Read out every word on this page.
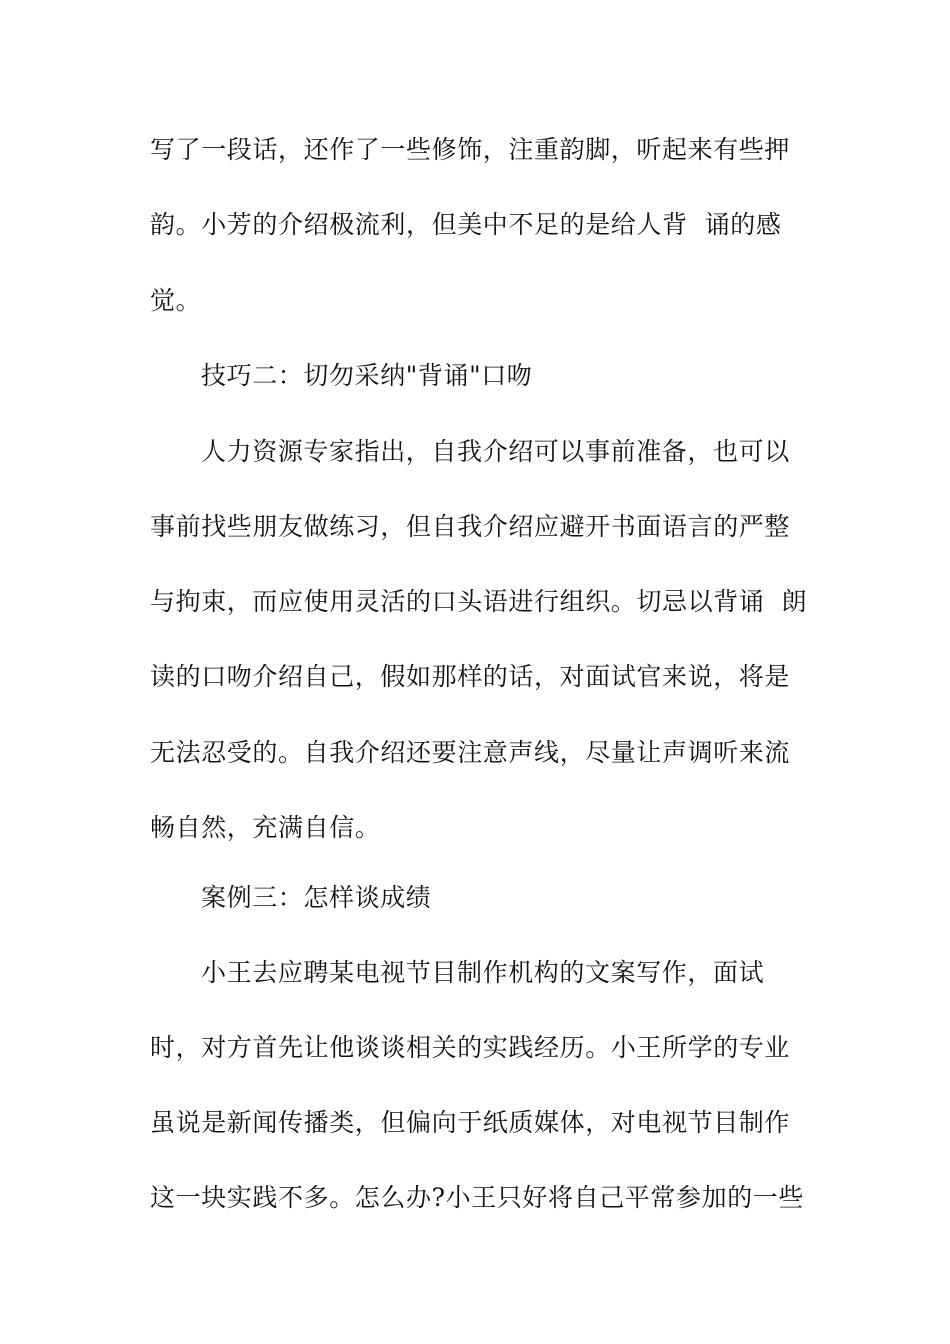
写了一段话，还作了一些修饰，注重韵脚，听起来有些押
韵。小芳的介绍极流利，但美中不足的是给人背  诵的感
觉。
技巧二：切勿采纳"背诵"口吻
人力资源专家指出，自我介绍可以事前准备，也可以
事前找些朋友做练习，但自我介绍应避开书面语言的严整
与拘束，而应使用灵活的口头语进行组织。切忌以背诵  朗
读的口吻介绍自己，假如那样的话，对面试官来说，将是
无法忍受的。自我介绍还要注意声线，尽量让声调听来流
畅自然，充满自信。
案例三：怎样谈成绩
小王去应聘某电视节目制作机构的文案写作，面试
时，对方首先让他谈谈相关的实践经历。小王所学的专业
虽说是新闻传播类，但偏向于纸质媒体，对电视节目制作
这一块实践不多。怎么办?小王只好将自己平常参加的一些
